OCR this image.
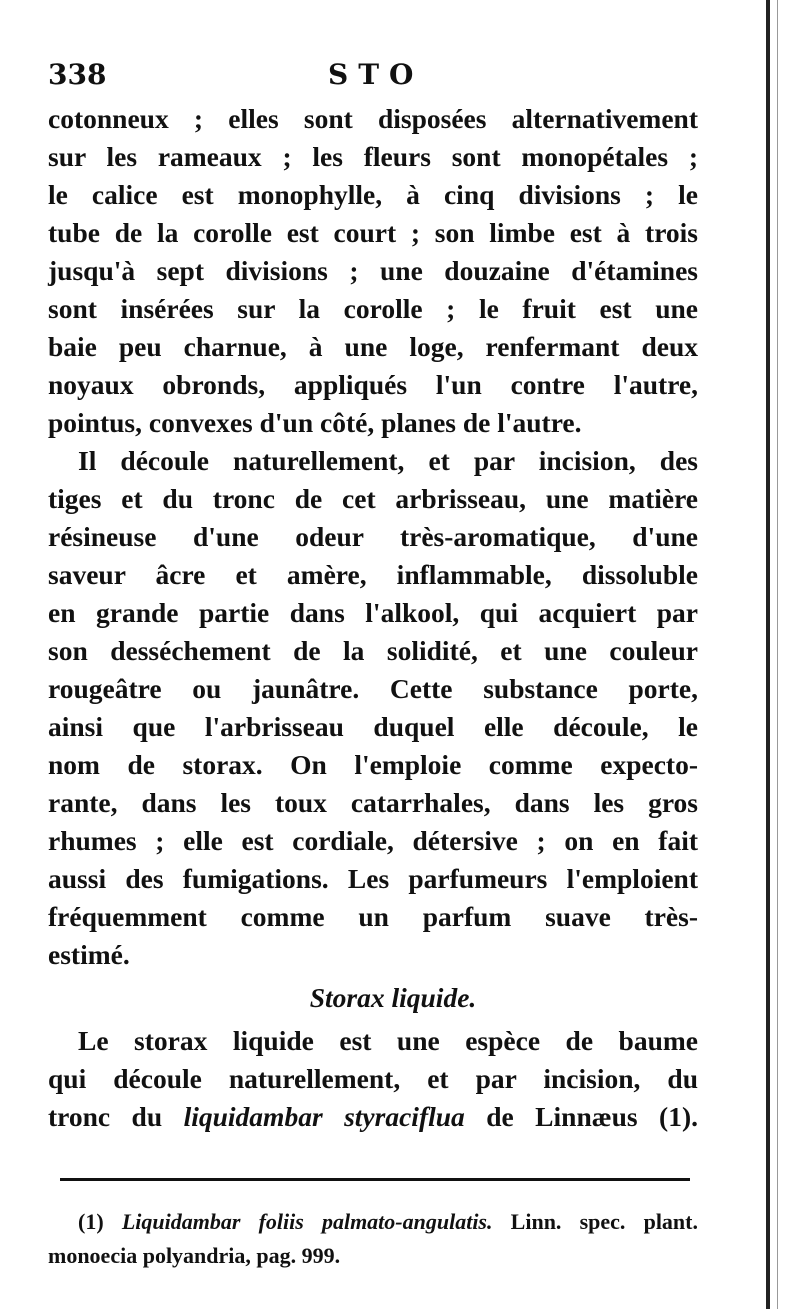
338	STO
cotonneux ; elles sont disposées alternativement
sur les rameaux ; les fleurs sont monopétales ;
le calice est monophylle, à cinq divisions ; le
tube de la corolle est court ; son limbe est à trois
jusqu'à sept divisions ; une douzaine d'étamines
sont insérées sur la corolle ; le fruit est une
baie peu charnue, à une loge, renfermant deux
noyaux obronds, appliqués l'un contre l'autre,
pointus, convexes d'un côté, planes de l'autre.
Il découle naturellement, et par incision, des
tiges et du tronc de cet arbrisseau, une matière
résineuse d'une odeur très-aromatique, d'une
saveur âcre et amère, inflammable, dissoluble
en grande partie dans l'alkool, qui acquiert par
son desséchement de la solidité, et une couleur
rougeâtre ou jaunâtre. Cette substance porte,
ainsi que l'arbrisseau duquel elle découle, le
nom de storax. On l'emploie comme expecto-
rante, dans les toux catarrhales, dans les gros
rhumes ; elle est cordiale, détersive ; on en fait
aussi des fumigations. Les parfumeurs l'emploient
fréquemment comme un parfum suave très-
estimé.
Storax liquide.
Le storax liquide est une espèce de baume
qui découle naturellement, et par incision, du
tronc du liquidambar styraciflua de Linnæus (1).
(1) Liquidambar foliis palmato-angulatis. Linn. spec. plant.
monoecia polyandria, pag. 999.
